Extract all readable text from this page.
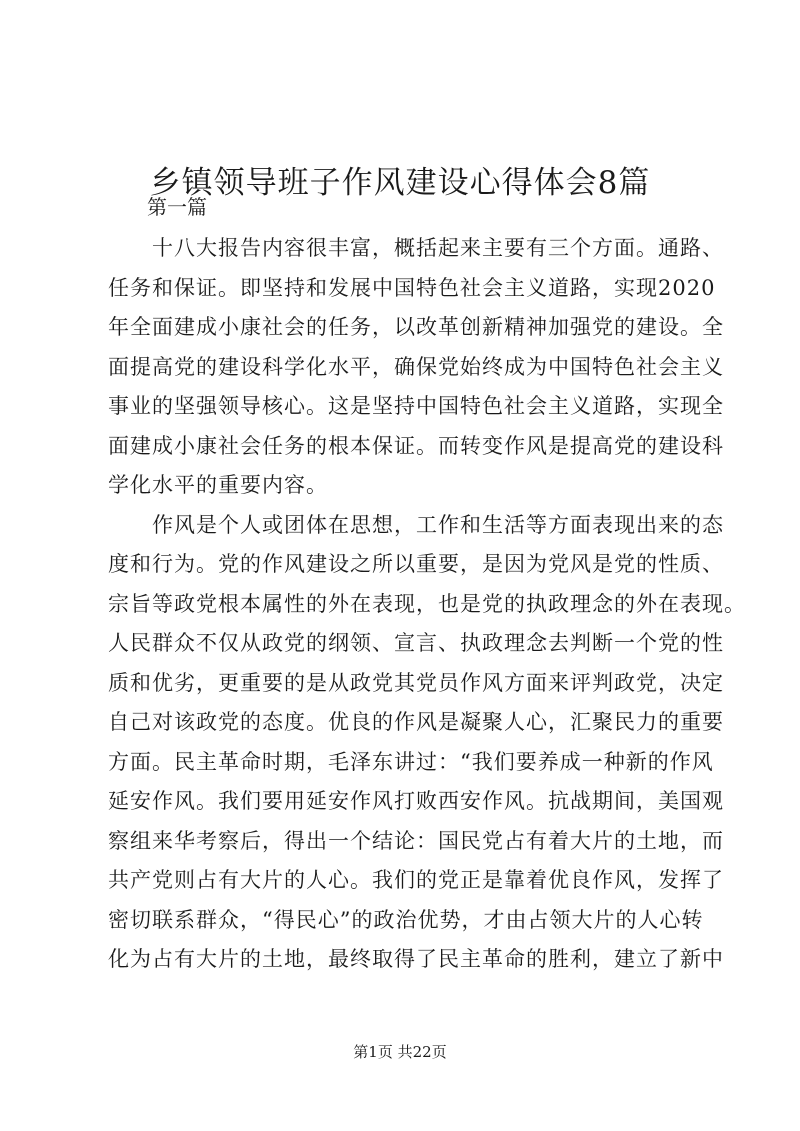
乡镇领导班子作风建设心得体会8篇

第一篇

　　十八大报告内容很丰富，概括起来主要有三个方面。通路、
任务和保证。即坚持和发展中国特色社会主义道路，实现2020
年全面建成小康社会的任务，以改革创新精神加强党的建设。全
面提高党的建设科学化水平，确保党始终成为中国特色社会主义
事业的坚强领导核心。这是坚持中国特色社会主义道路，实现全
面建成小康社会任务的根本保证。而转变作风是提高党的建设科
学化水平的重要内容。
　　作风是个人或团体在思想，工作和生活等方面表现出来的态
度和行为。党的作风建设之所以重要，是因为党风是党的性质、
宗旨等政党根本属性的外在表现，也是党的执政理念的外在表现。
人民群众不仅从政党的纲领、宣言、执政理念去判断一个党的性
质和优劣，更重要的是从政党其党员作风方面来评判政党，决定
自己对该政党的态度。优良的作风是凝聚人心，汇聚民力的重要
方面。民主革命时期，毛泽东讲过：“我们要养成一种新的作风
延安作风。我们要用延安作风打败西安作风。抗战期间，美国观
察组来华考察后，得出一个结论：国民党占有着大片的土地，而
共产党则占有大片的人心。我们的党正是靠着优良作风，发挥了
密切联系群众，“得民心”的政治优势，才由占领大片的人心转
化为占有大片的土地，最终取得了民主革命的胜利，建立了新中
第1页 共22页
